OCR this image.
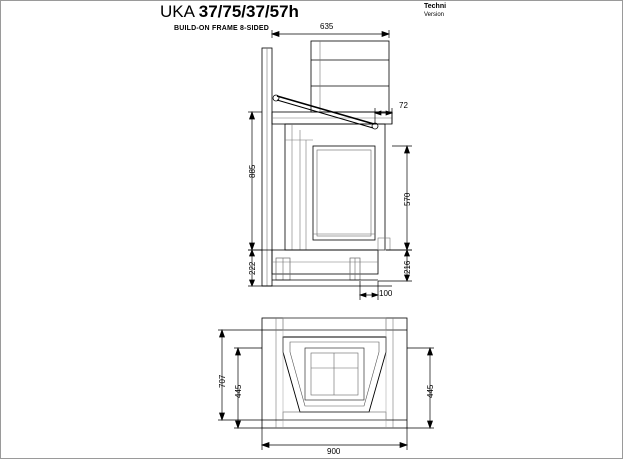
UKA 37/75/37/57h
BUILD-ON FRAME 8-SIDED
Techni
Version
635
72
885
222
570
216
100
707
445	445
900
